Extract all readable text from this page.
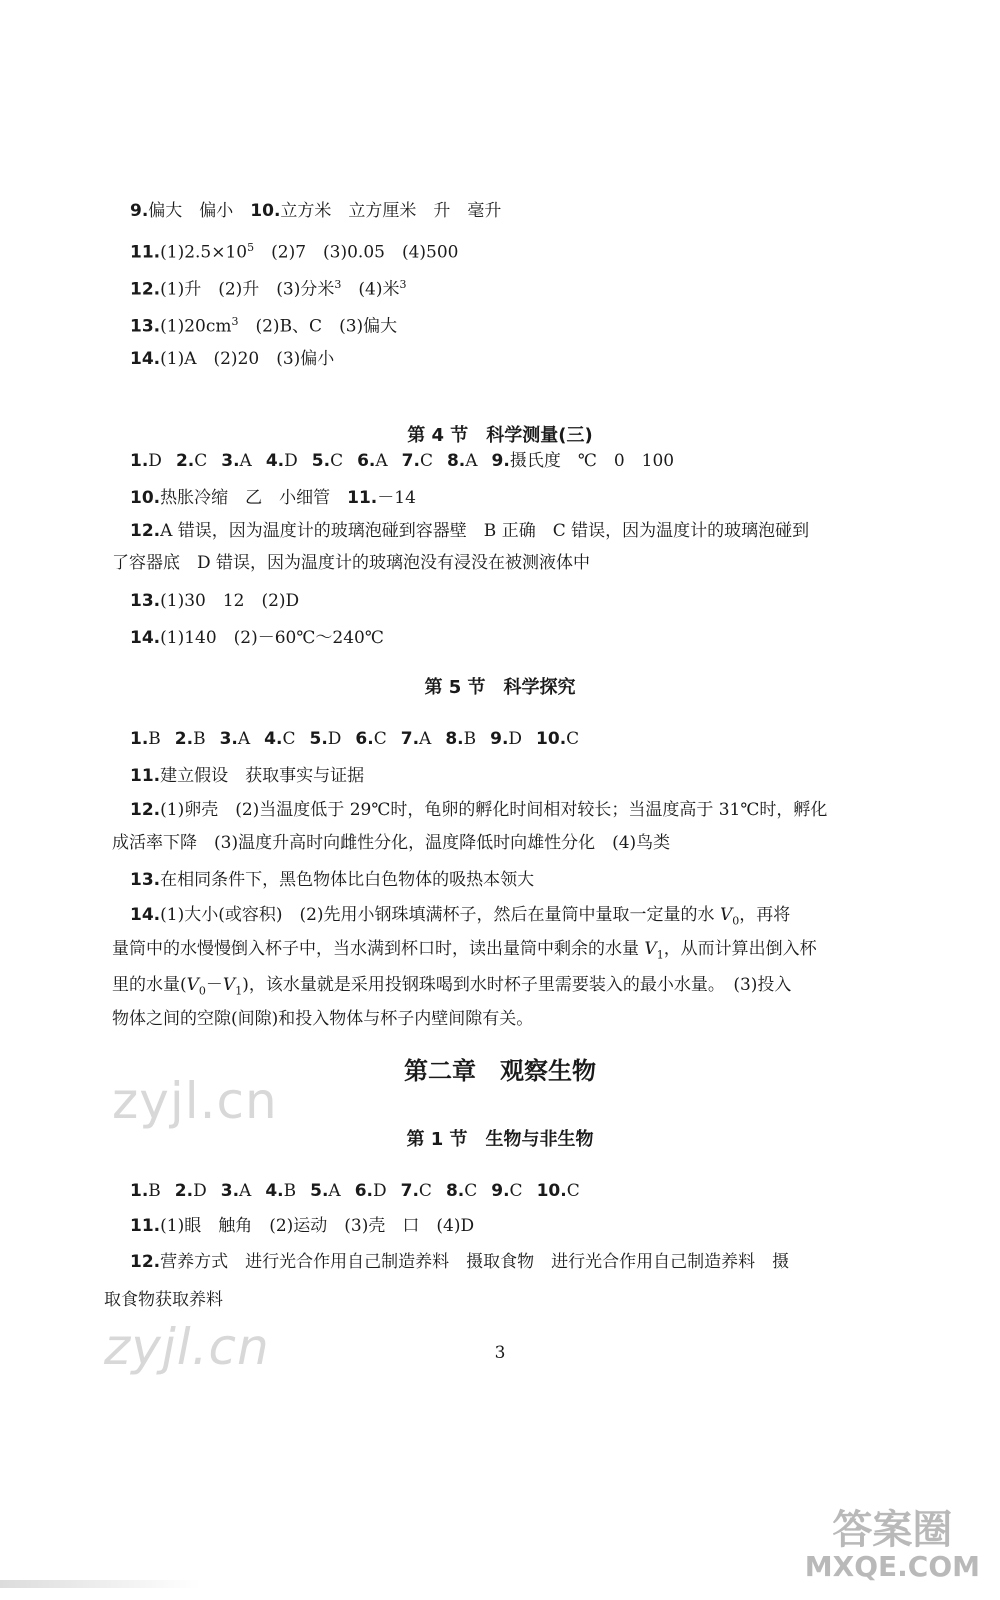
9.偏大　偏小　10.立方米　立方厘米　升　毫升
$11.(1)2.5\times 10^5$　(2)7　(3)0.05　(4)500
12.(1)升　(2)升　(3)分米$^3$　(4)米$^3$
$13.(1)20cm^3$　(2)B、C　(3)偏大
14.(1)A　(2)20　(3)偏小
第 4 节　科学测量(三)
1.D 2.C 3.A 4.D 5.C 6.A 7.C 8.A 9.摄氏度　℃　0　100
10.热胀冷缩　乙　小细管　11.－14
12.A 错误，因为温度计的玻璃泡碰到容器壁　B 正确　C 错误，因为温度计的玻璃泡碰到
了容器底　D 错误，因为温度计的玻璃泡没有浸没在被测液体中
13.(1)30　12　(2)D
14.(1)140　(2)－60℃～240℃
第 5 节　科学探究
1.B 2.B 3.A 4.C 5.D 6.C 7.A 8.B 9.D 10.C
11.建立假设　获取事实与证据
12.(1)卵壳　(2)当温度低于 29℃时，龟卵的孵化时间相对较长；当温度高于 31℃时，孵化
成活率下降　(3)温度升高时向雌性分化，温度降低时向雄性分化　(4)鸟类
13.在相同条件下，黑色物体比白色物体的吸热本领大
14.(1)大小(或容积)　(2)先用小钢珠填满杯子，然后在量筒中量取一定量的水 $V_0$，再将
量筒中的水慢慢倒入杯子中，当水满到杯口时，读出量筒中剩余的水量 $V_1$，从而计算出倒入杯
里的水量$(V_0-V_1)$，该水量就是采用投钢珠喝到水时杯子里需要装入的最小水量。　(3)投入
物体之间的空隙(间隙)和投入物体与杯子内壁间隙有关。
第二章　观察生物
第 1 节　生物与非生物
1.B 2.D 3.A 4.B 5.A 6.D 7.C 8.C 9.C 10.C
11.(1)眼　触角　(2)运动　(3)壳　口　(4)D
12.营养方式　进行光合作用自己制造养料　摄取食物　进行光合作用自己制造养料　摄
取食物获取养料
3
zyjl.cn
zyjl.cn
答案圈
MXQE.COM
